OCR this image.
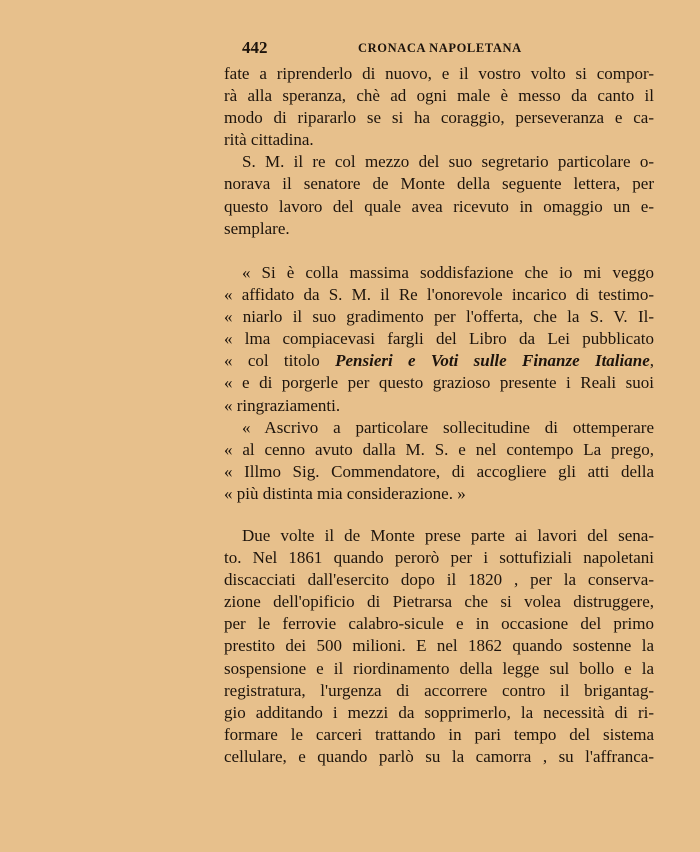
442	CRONACA NAPOLETANA
fate a riprenderlo di nuovo, e il vostro volto si compor-
rà alla speranza, chè ad ogni male è messo da canto il
modo di ripararlo se si ha coraggio, perseveranza e ca-
rità cittadina.
S. M. il re col mezzo del suo segretario particolare o-
norava il senatore de Monte della seguente lettera, per
questo lavoro del quale avea ricevuto in omaggio un e-
semplare.
« Si è colla massima soddisfazione che io mi veggo
« affidato da S. M. il Re l'onorevole incarico di testimo-
« niarlo il suo gradimento per l'offerta, che la S. V. Il-
« lma compiacevasi fargli del Libro da Lei pubblicato
« col titolo Pensieri e Voti sulle Finanze Italiane,
« e di porgerle per questo grazioso presente i Reali suoi
« ringraziamenti.
« Ascrivo a particolare sollecitudine di ottemperare
« al cenno avuto dalla M. S. e nel contempo La prego,
« Illmo Sig. Commendatore, di accogliere gli atti della
« più distinta mia considerazione. »
Due volte il de Monte prese parte ai lavori del sena-
to. Nel 1861 quando perorò per i sottufiziali napoletani
discacciati dall'esercito dopo il 1820 , per la conserva-
zione dell'opificio di Pietrarsa che si volea distruggere,
per le ferrovie calabro-sicule e in occasione del primo
prestito dei 500 milioni. E nel 1862 quando sostenne la
sospensione e il riordinamento della legge sul bollo e la
registratura, l'urgenza di accorrere contro il brigantag-
gio additando i mezzi da sopprimerlo, la necessità di ri-
formare le carceri trattando in pari tempo del sistema
cellulare, e quando parlò su la camorra , su l'affranca-
